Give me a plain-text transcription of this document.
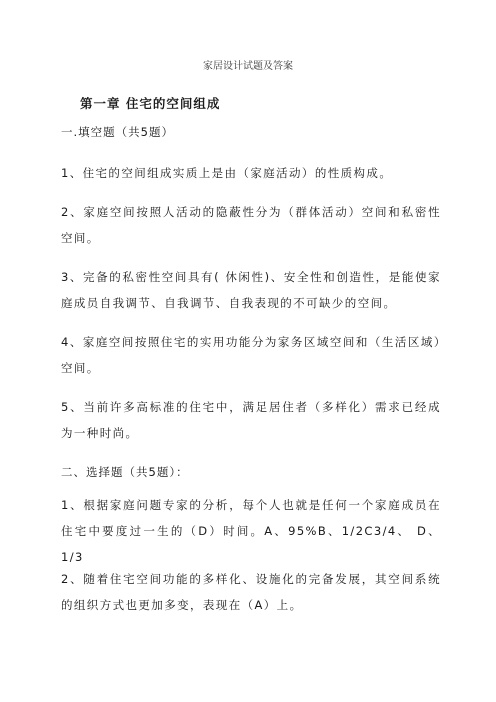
家居设计试题及答案
第一章 住宅的空间组成
一.填空题（共5题）
1、住宅的空间组成实质上是由（家庭活动）的性质构成。
2、家庭空间按照人活动的隐蔽性分为（群体活动）空间和私密性空间。
3、完备的私密性空间具有( 休闲性)、安全性和创造性，是能使家庭成员自我调节、自我调节、自我表现的不可缺少的空间。
4、家庭空间按照住宅的实用功能分为家务区域空间和（生活区域）空间。
5、当前许多高标准的住宅中，满足居住者（多样化）需求已经成为一种时尚。
二、选择题（共5题）：
1、根据家庭问题专家的分析，每个人也就是任何一个家庭成员在住宅中要度过一生的（D）时间。A、95%B、1/2C3/4、 D、1/3
2、随着住宅空间功能的多样化、设施化的完备发展，其空间系统的组织方式也更加多变，表现在（A）上。
